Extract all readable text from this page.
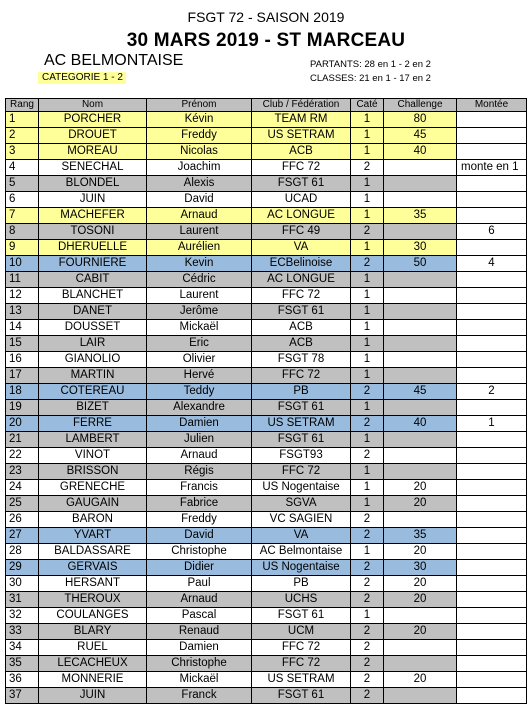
FSGT 72 - SAISON 2019
30 MARS 2019 - ST MARCEAU
AC BELMONTAISE
CATEGORIE 1 - 2
PARTANTS: 28 en 1 - 2 en 2
CLASSES: 21 en 1 - 17 en 2
Rang	Nom	Prénom	Club / Fédération	Caté	Challenge	Montée
1	PORCHER	Kévin	TEAM RM	1	80	
2	DROUET	Freddy	US SETRAM	1	45	
3	MOREAU	Nicolas	ACB	1	40	
4	SENECHAL	Joachim	FFC 72	2		monte en 1
5	BLONDEL	Alexis	FSGT 61	1		
6	JUIN	David	UCAD	1		
7	MACHEFER	Arnaud	AC LONGUE	1	35	
8	TOSONI	Laurent	FFC 49	2		6
9	DHERUELLE	Aurélien	VA	1	30	
10	FOURNIERE	Kevin	ECBelinoise	2	50	4
11	CABIT	Cédric	AC LONGUE	1		
12	BLANCHET	Laurent	FFC 72	1		
13	DANET	Jerôme	FSGT 61	1		
14	DOUSSET	Mickaël	ACB	1		
15	LAIR	Eric	ACB	1		
16	GIANOLIO	Olivier	FSGT 78	1		
17	MARTIN	Hervé	FFC 72	1		
18	COTEREAU	Teddy	PB	2	45	2
19	BIZET	Alexandre	FSGT 61	1		
20	FERRE	Damien	US SETRAM	2	40	1
21	LAMBERT	Julien	FSGT 61	1		
22	VINOT	Arnaud	FSGT93	2		
23	BRISSON	Régis	FFC 72	1		
24	GRENECHE	Francis	US Nogentaise	1	20	
25	GAUGAIN	Fabrice	SGVA	1	20	
26	BARON	Freddy	VC SAGIEN	2		
27	YVART	David	VA	2	35	
28	BALDASSARE	Christophe	AC Belmontaise	1	20	
29	GERVAIS	Didier	US Nogentaise	2	30	
30	HERSANT	Paul	PB	2	20	
31	THEROUX	Arnaud	UCHS	2	20	
32	COULANGES	Pascal	FSGT 61	1		
33	BLARY	Renaud	UCM	2	20	
34	RUEL	Damien	FFC 72	2		
35	LECACHEUX	Christophe	FFC 72	2		
36	MONNERIE	Mickaël	US SETRAM	2	20	
37	JUIN	Franck	FSGT 61	2		
